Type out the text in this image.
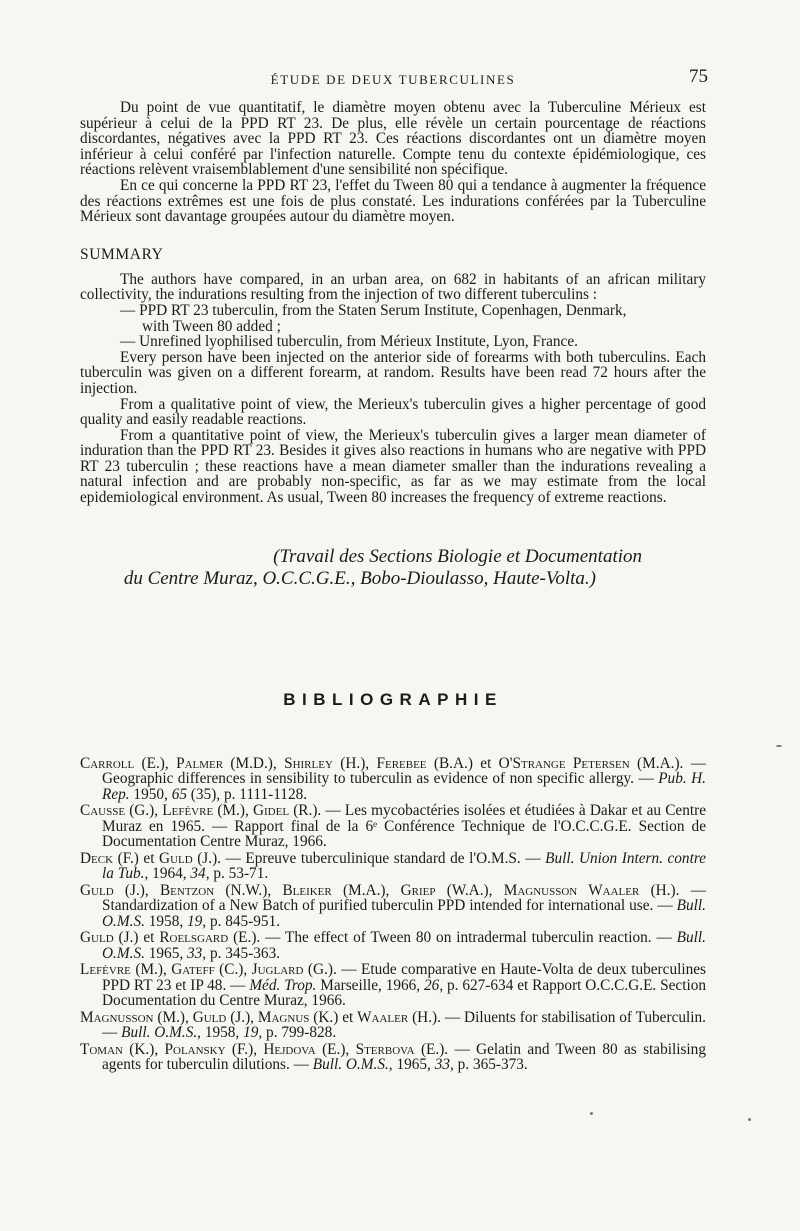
ÉTUDE DE DEUX TUBERCULINES	75

Du point de vue quantitatif, le diamètre moyen obtenu avec la Tuberculine Mérieux est supérieur à celui de la PPD RT 23. De plus, elle révèle un certain pourcentage de réactions discordantes, négatives avec la PPD RT 23. Ces réactions discordantes ont un diamètre moyen inférieur à celui conféré par l'infection naturelle. Compte tenu du contexte épidémiologique, ces réactions relèvent vraisemblablement d'une sensibilité non spécifique.

En ce qui concerne la PPD RT 23, l'effet du Tween 80 qui a tendance à augmenter la fréquence des réactions extrêmes est une fois de plus constaté. Les indurations conférées par la Tuberculine Mérieux sont davantage groupées autour du diamètre moyen.

SUMMARY

The authors have compared, in an urban area, on 682 in habitants of an african military collectivity, the indurations resulting from the injection of two different tuberculins :

— PPD RT 23 tuberculin, from the Staten Serum Institute, Copenhagen, Denmark,

with Tween 80 added ;

— Unrefined lyophilised tuberculin, from Mérieux Institute, Lyon, France.

Every person have been injected on the anterior side of forearms with both tuberculins. Each tuberculin was given on a different forearm, at random. Results have been read 72 hours after the injection.

From a qualitative point of view, the Merieux's tuberculin gives a higher percentage of good quality and easily readable reactions.

From a quantitative point of view, the Merieux's tuberculin gives a larger mean diameter of induration than the PPD RT 23. Besides it gives also reactions in humans who are negative with PPD RT 23 tuberculin ; these reactions have a mean diameter smaller than the indurations revealing a natural infection and are probably non-specific, as far as we may estimate from the local epidemiological environment. As usual, Tween 80 increases the frequency of extreme reactions.

(Travail des Sections Biologie et Documentation
du Centre Muraz, O.C.C.G.E., Bobo-Dioulasso, Haute-Volta.)
BIBLIOGRAPHIE
Carroll (E.), Palmer (M.D.), Shirley (H.), Ferebee (B.A.) et O'Strange Petersen (M.A.). — Geographic differences in sensibility to tuberculin as evidence of non specific allergy. — Pub. H. Rep. 1950, 65 (35), p. 1111-1128.
Causse (G.), Lefèvre (M.), Gidel (R.). — Les mycobactéries isolées et étudiées à Dakar et au Centre Muraz en 1965. — Rapport final de la 6ᵉ Conférence Technique de l'O.C.C.G.E. Section de Documentation Centre Muraz, 1966.
Deck (F.) et Guld (J.). — Epreuve tuberculinique standard de l'O.M.S. — Bull. Union Intern. contre la Tub., 1964, 34, p. 53-71.
Guld (J.), Bentzon (N.W.), Bleiker (M.A.), Griep (W.A.), Magnusson Waaler (H.). — Standardization of a New Batch of purified tuberculin PPD intended for international use. — Bull. O.M.S. 1958, 19, p. 845-951.
Guld (J.) et Roelsgard (E.). — The effect of Tween 80 on intradermal tuberculin reaction. — Bull. O.M.S. 1965, 33, p. 345-363.
Lefèvre (M.), Gateff (C.), Juglard (G.). — Etude comparative en Haute-Volta de deux tuberculines PPD RT 23 et IP 48. — Méd. Trop. Marseille, 1966, 26, p. 627-634 et Rapport O.C.C.G.E. Section Documentation du Centre Muraz, 1966.
Magnusson (M.), Guld (J.), Magnus (K.) et Waaler (H.). — Diluents for stabilisation of Tuberculin. — Bull. O.M.S., 1958, 19, p. 799-828.
Toman (K.), Polansky (F.), Hejdova (E.), Sterbova (E.). — Gelatin and Tween 80 as stabilising agents for tuberculin dilutions. — Bull. O.M.S., 1965, 33, p. 365-373.
